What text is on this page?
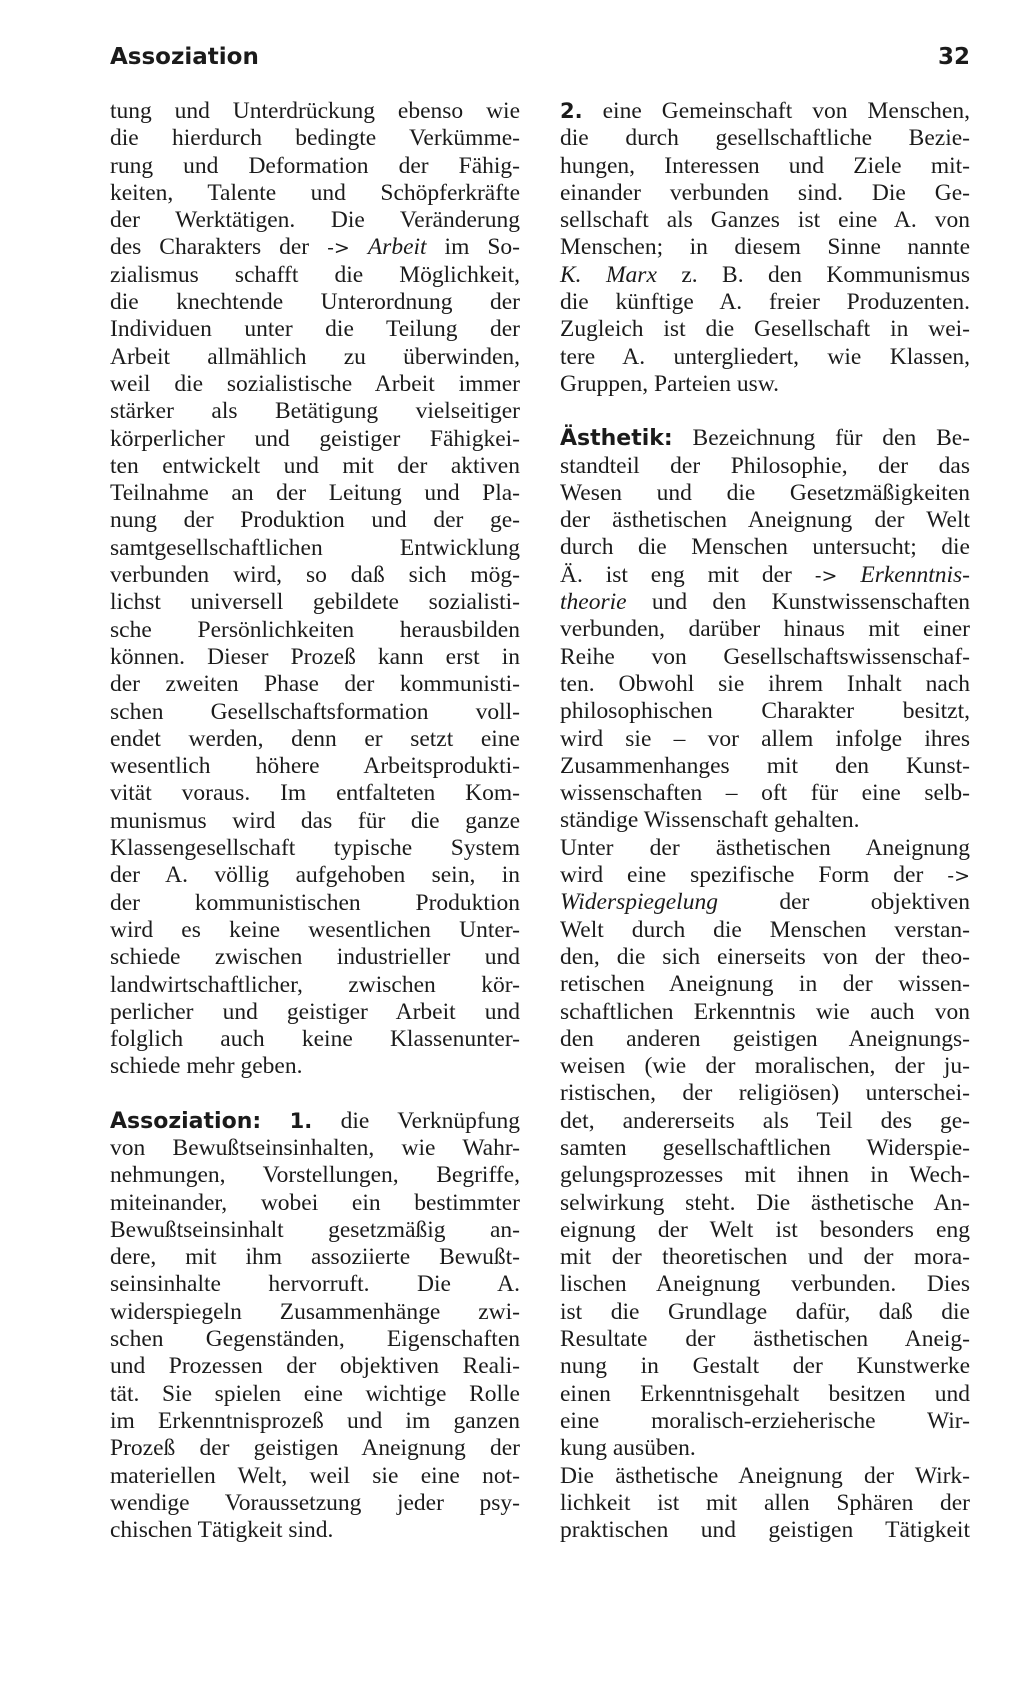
Assoziation	32
tung und Unterdrückung ebenso wie
die hierdurch bedingte Verkümme-
rung und Deformation der Fähig-
keiten, Talente und Schöpferkräfte
der Werktätigen. Die Veränderung
des Charakters der -> Arbeit im So-
zialismus schafft die Möglichkeit,
die knechtende Unterordnung der
Individuen unter die Teilung der
Arbeit allmählich zu überwinden,
weil die sozialistische Arbeit immer
stärker als Betätigung vielseitiger
körperlicher und geistiger Fähigkei-
ten entwickelt und mit der aktiven
Teilnahme an der Leitung und Pla-
nung der Produktion und der ge-
samtgesellschaftlichen Entwicklung
verbunden wird, so daß sich mög-
lichst universell gebildete sozialisti-
sche Persönlichkeiten herausbilden
können. Dieser Prozeß kann erst in
der zweiten Phase der kommunisti-
schen Gesellschaftsformation voll-
endet werden, denn er setzt eine
wesentlich höhere Arbeitsprodukti-
vität voraus. Im entfalteten Kom-
munismus wird das für die ganze
Klassengesellschaft typische System
der A. völlig aufgehoben sein, in
der kommunistischen Produktion
wird es keine wesentlichen Unter-
schiede zwischen industrieller und
landwirtschaftlicher, zwischen kör-
perlicher und geistiger Arbeit und
folglich auch keine Klassenunter-
schiede mehr geben.
Assoziation: 1. die Verknüpfung
von Bewußtseinsinhalten, wie Wahr-
nehmungen, Vorstellungen, Begriffe,
miteinander, wobei ein bestimmter
Bewußtseinsinhalt gesetzmäßig an-
dere, mit ihm assoziierte Bewußt-
seinsinhalte hervorruft. Die A.
widerspiegeln Zusammenhänge zwi-
schen Gegenständen, Eigenschaften
und Prozessen der objektiven Reali-
tät. Sie spielen eine wichtige Rolle
im Erkenntnisprozeß und im ganzen
Prozeß der geistigen Aneignung der
materiellen Welt, weil sie eine not-
wendige Voraussetzung jeder psy-
chischen Tätigkeit sind.
2. eine Gemeinschaft von Menschen,
die durch gesellschaftliche Bezie-
hungen, Interessen und Ziele mit-
einander verbunden sind. Die Ge-
sellschaft als Ganzes ist eine A. von
Menschen; in diesem Sinne nannte
K. Marx z. B. den Kommunismus
die künftige A. freier Produzenten.
Zugleich ist die Gesellschaft in wei-
tere A. untergliedert, wie Klassen,
Gruppen, Parteien usw.
Ästhetik: Bezeichnung für den Be-
standteil der Philosophie, der das
Wesen und die Gesetzmäßigkeiten
der ästhetischen Aneignung der Welt
durch die Menschen untersucht; die
Ä. ist eng mit der -> Erkenntnis-
theorie und den Kunstwissenschaften
verbunden, darüber hinaus mit einer
Reihe von Gesellschaftswissenschaf-
ten. Obwohl sie ihrem Inhalt nach
philosophischen Charakter besitzt,
wird sie – vor allem infolge ihres
Zusammenhanges mit den Kunst-
wissenschaften – oft für eine selb-
ständige Wissenschaft gehalten.
Unter der ästhetischen Aneignung
wird eine spezifische Form der ->
Widerspiegelung der objektiven
Welt durch die Menschen verstan-
den, die sich einerseits von der theo-
retischen Aneignung in der wissen-
schaftlichen Erkenntnis wie auch von
den anderen geistigen Aneignungs-
weisen (wie der moralischen, der ju-
ristischen, der religiösen) unterschei-
det, andererseits als Teil des ge-
samten gesellschaftlichen Widerspie-
gelungsprozesses mit ihnen in Wech-
selwirkung steht. Die ästhetische An-
eignung der Welt ist besonders eng
mit der theoretischen und der mora-
lischen Aneignung verbunden. Dies
ist die Grundlage dafür, daß die
Resultate der ästhetischen Aneig-
nung in Gestalt der Kunstwerke
einen Erkenntnisgehalt besitzen und
eine moralisch-erzieherische Wir-
kung ausüben.
Die ästhetische Aneignung der Wirk-
lichkeit ist mit allen Sphären der
praktischen und geistigen Tätigkeit
